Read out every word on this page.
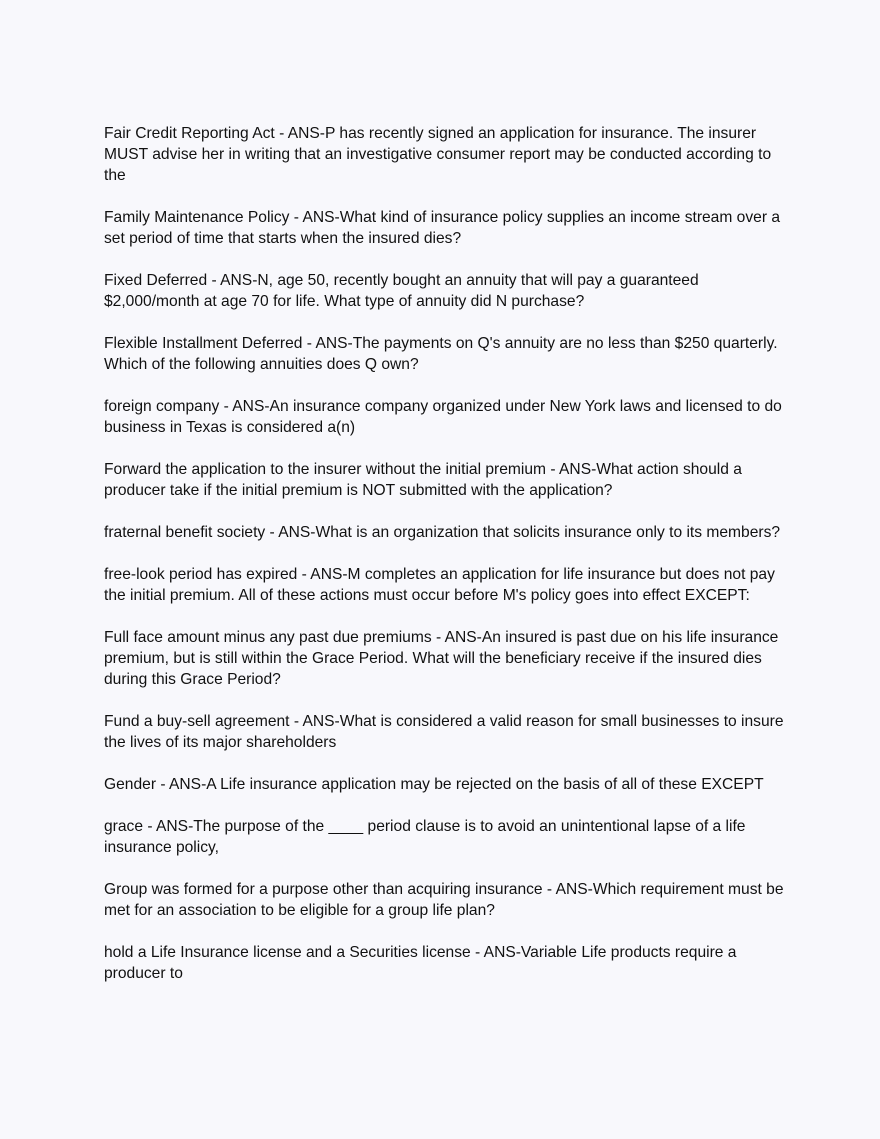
Fair Credit Reporting Act - ANS-P has recently signed an application for insurance. The insurer MUST advise her in writing that an investigative consumer report may be conducted according to the

Family Maintenance Policy - ANS-What kind of insurance policy supplies an income stream over a set period of time that starts when the insured dies?

Fixed Deferred - ANS-N, age 50, recently bought an annuity that will pay a guaranteed $2,000/month at age 70 for life. What type of annuity did N purchase?

Flexible Installment Deferred - ANS-The payments on Q's annuity are no less than $250 quarterly. Which of the following annuities does Q own?

foreign company - ANS-An insurance company organized under New York laws and licensed to do business in Texas is considered a(n)

Forward the application to the insurer without the initial premium - ANS-What action should a producer take if the initial premium is NOT submitted with the application?

fraternal benefit society - ANS-What is an organization that solicits insurance only to its members?

free-look period has expired - ANS-M completes an application for life insurance but does not pay the initial premium. All of these actions must occur before M's policy goes into effect EXCEPT:

Full face amount minus any past due premiums - ANS-An insured is past due on his life insurance premium, but is still within the Grace Period. What will the beneficiary receive if the insured dies during this Grace Period?

Fund a buy-sell agreement - ANS-What is considered a valid reason for small businesses to insure the lives of its major shareholders

Gender - ANS-A Life insurance application may be rejected on the basis of all of these EXCEPT

grace - ANS-The purpose of the ____ period clause is to avoid an unintentional lapse of a life insurance policy,

Group was formed for a purpose other than acquiring insurance - ANS-Which requirement must be met for an association to be eligible for a group life plan?

hold a Life Insurance license and a Securities license - ANS-Variable Life products require a producer to
